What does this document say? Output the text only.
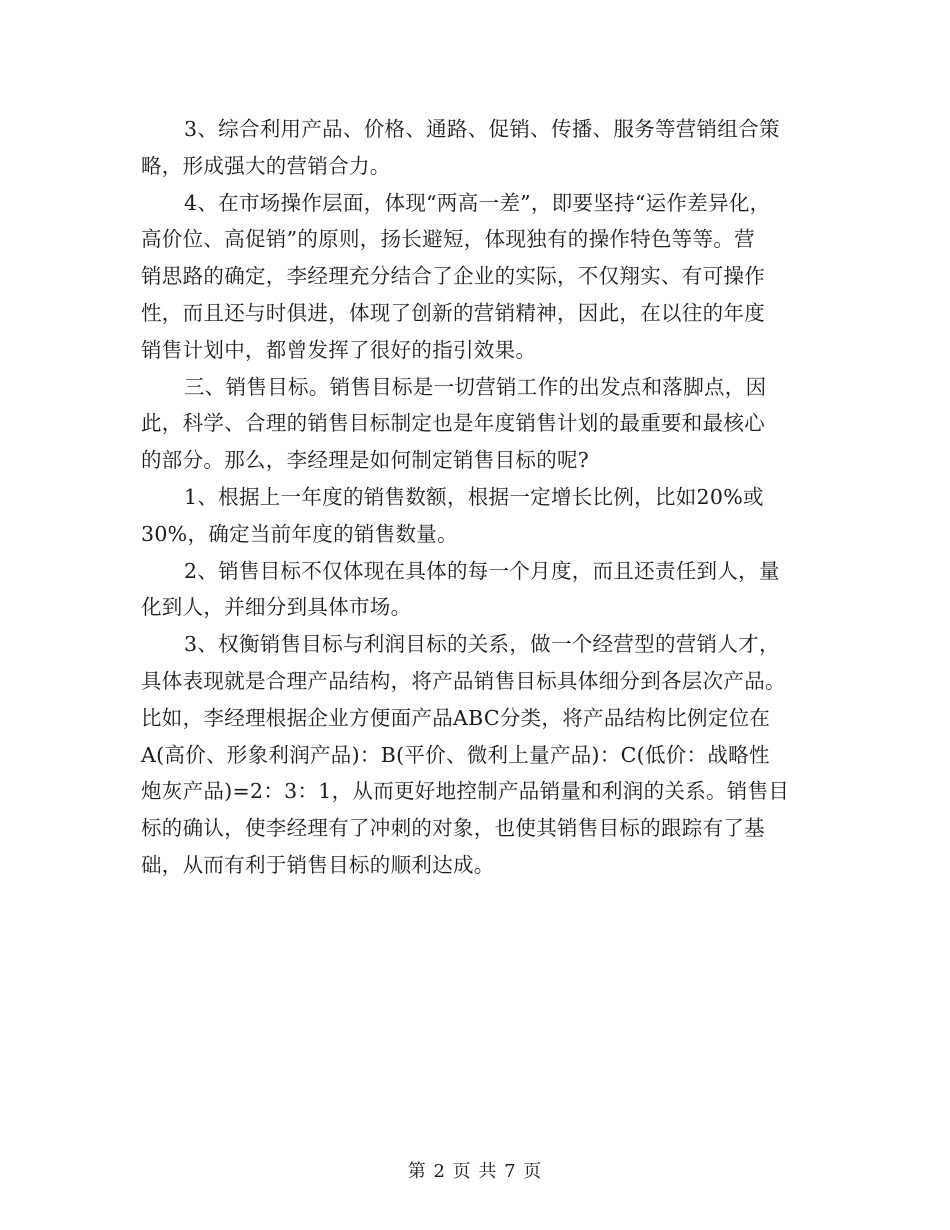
3、综合利用产品、价格、通路、促销、传播、服务等营销组合策
略，形成强大的营销合力。
4、在市场操作层面，体现“两高一差”，即要坚持“运作差异化，
高价位、高促销”的原则，扬长避短，体现独有的操作特色等等。营
销思路的确定，李经理充分结合了企业的实际，不仅翔实、有可操作
性，而且还与时俱进，体现了创新的营销精神，因此，在以往的年度
销售计划中，都曾发挥了很好的指引效果。
三、销售目标。销售目标是一切营销工作的出发点和落脚点，因
此，科学、合理的销售目标制定也是年度销售计划的最重要和最核心
的部分。那么，李经理是如何制定销售目标的呢?
1、根据上一年度的销售数额，根据一定增长比例，比如20%或
30%，确定当前年度的销售数量。
2、销售目标不仅体现在具体的每一个月度，而且还责任到人，量
化到人，并细分到具体市场。
3、权衡销售目标与利润目标的关系，做一个经营型的营销人才，
具体表现就是合理产品结构，将产品销售目标具体细分到各层次产品。
比如，李经理根据企业方便面产品ABC分类，将产品结构比例定位在
A(高价、形象利润产品)：B(平价、微利上量产品)：C(低价：战略性
炮灰产品)=2：3：1，从而更好地控制产品销量和利润的关系。销售目
标的确认，使李经理有了冲刺的对象，也使其销售目标的跟踪有了基
础，从而有利于销售目标的顺利达成。
第 2 页 共 7 页
